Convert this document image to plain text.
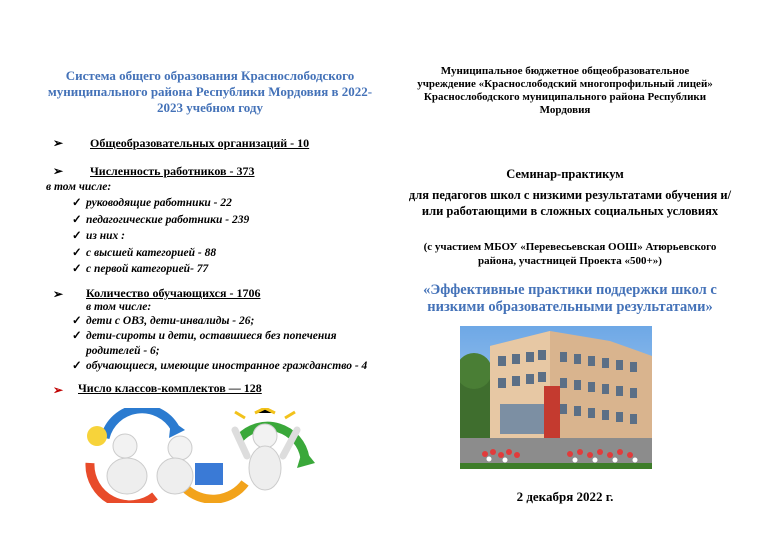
Система общего образования Краснослободского муниципального района Республики Мордовия в 2022-2023 учебном году
➢ Общеобразовательных организаций - 10
➢ Численность работников - 373
в том числе:
✓ руководящие работники - 22
✓ педагогические работники - 239
✓ из них :
✓ с высшей категорией - 88
✓ с первой категорией- 77
➢ Количество обучающихся - 1706
в том числе:
✓ дети с ОВЗ, дети-инвалиды - 26;
✓ дети-сироты и дети, оставшиеся без попечения
родителей - 6;
✓ обучающиеся, имеющие иностранное гражданство - 4
➢ Число классов-комплектов — 128
Муниципальное бюджетное общеобразовательное учреждение «Краснослободский многопрофильный лицей» Краснослободского муниципального района Республики Мордовия
Семинар-практикум
для педагогов школ с низкими результатами обучения и/или работающими в сложных социальных условиях
(с участием МБОУ «Перевесьевская ООШ» Атюрьевского района, участницей Проекта «500+»)
«Эффективные практики поддержки школ с низкими образовательными результатами»
2 декабря 2022 г.
